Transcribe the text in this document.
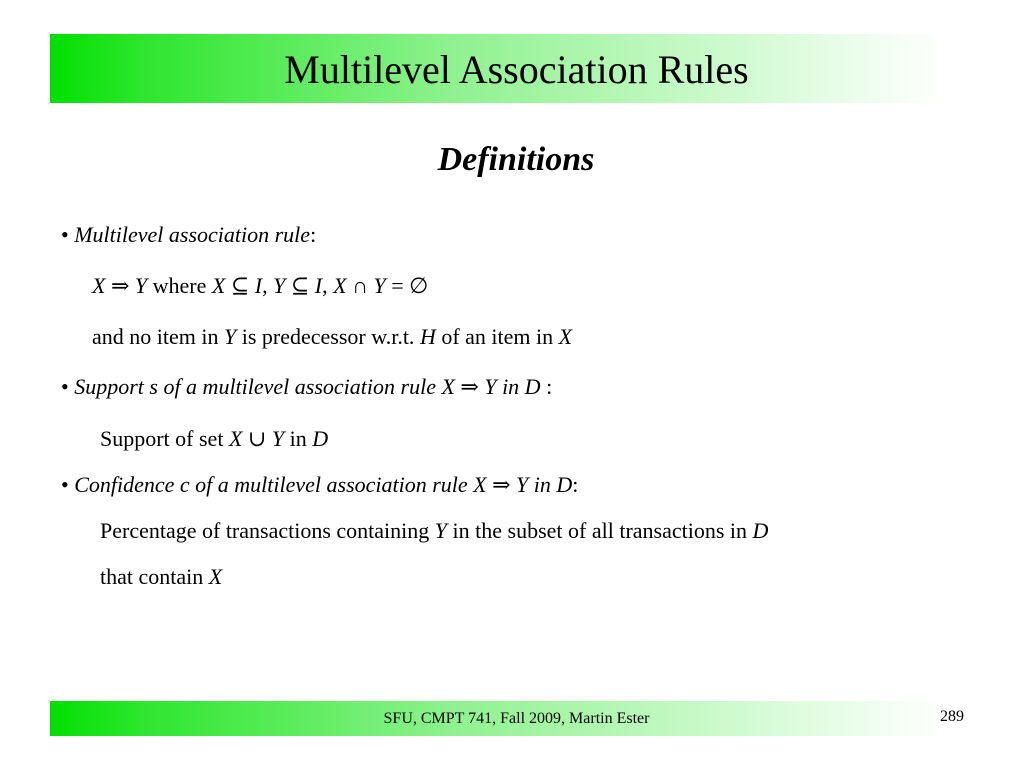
Multilevel Association Rules
Definitions
• Multilevel association rule:
X ⇒ Y where X ⊆ I, Y ⊆ I, X ∩ Y = ∅
and no item in Y is predecessor w.r.t. H of an item in X
• Support s of a multilevel association rule X ⇒ Y in D :
Support of set X ∪ Y in D
• Confidence c of a multilevel association rule X ⇒ Y in D:
Percentage of transactions containing Y in the subset of all transactions in D
that contain X
SFU, CMPT 741, Fall 2009, Martin Ester	289
